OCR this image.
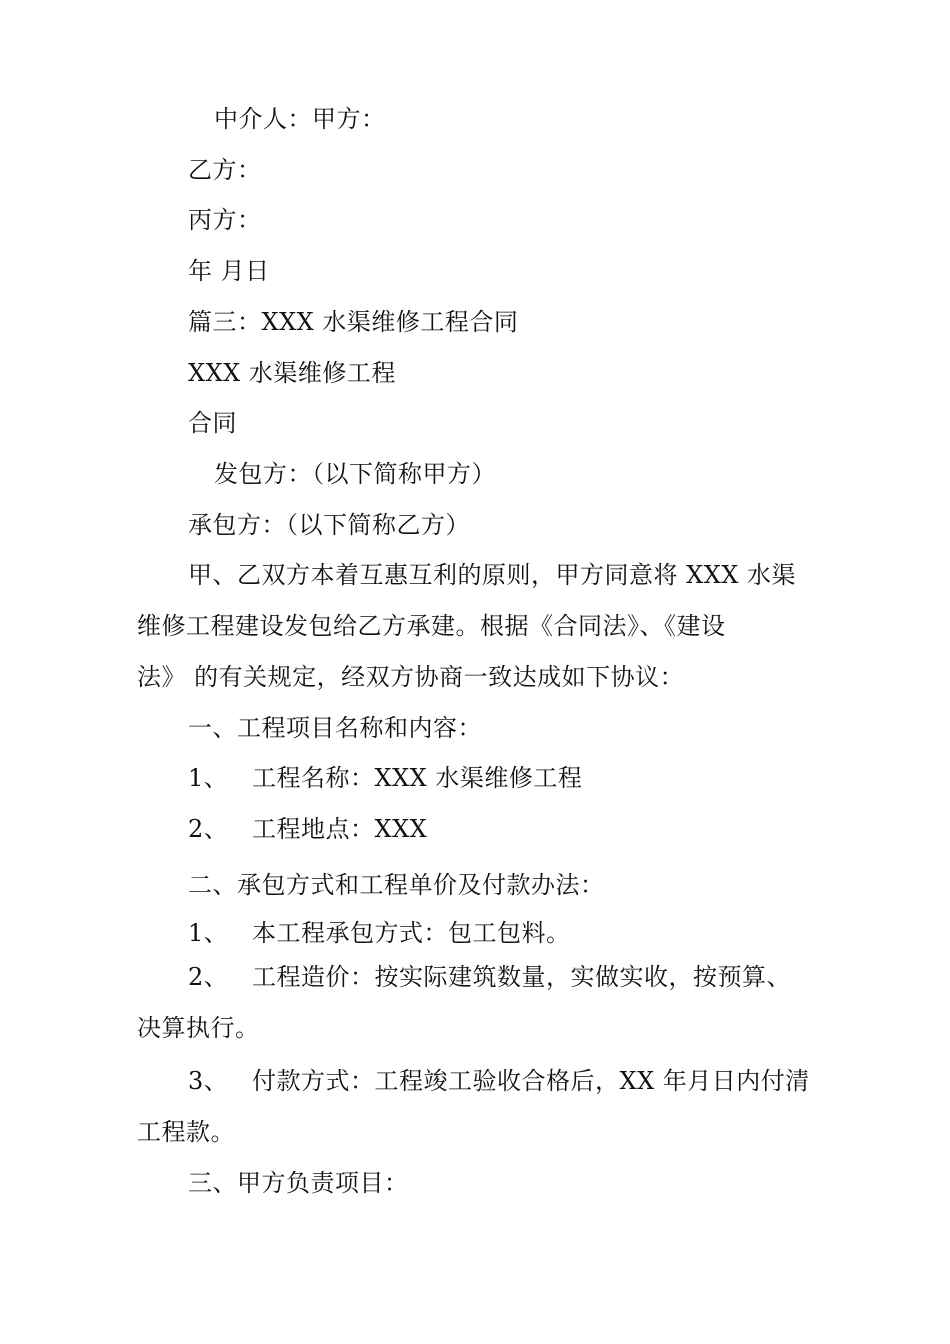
中介人：甲方：
乙方：
丙方：
年 月日
篇三：XXX 水渠维修工程合同
XXX 水渠维修工程
合同
发包方：（以下简称甲方）
承包方：（以下简称乙方）
甲、乙双方本着互惠互利的原则，甲方同意将 XXX 水渠
维修工程建设发包给乙方承建。根据《合同法》、《建设
法》 的有关规定，经双方协商一致达成如下协议：
一、工程项目名称和内容：
1、 工程名称：XXX 水渠维修工程
2、 工程地点：XXX
二、承包方式和工程单价及付款办法：
1、 本工程承包方式：包工包料。
2、 工程造价：按实际建筑数量，实做实收，按预算、
决算执行。
3、 付款方式：工程竣工验收合格后，XX 年月日内付清
工程款。
三、甲方负责项目：
